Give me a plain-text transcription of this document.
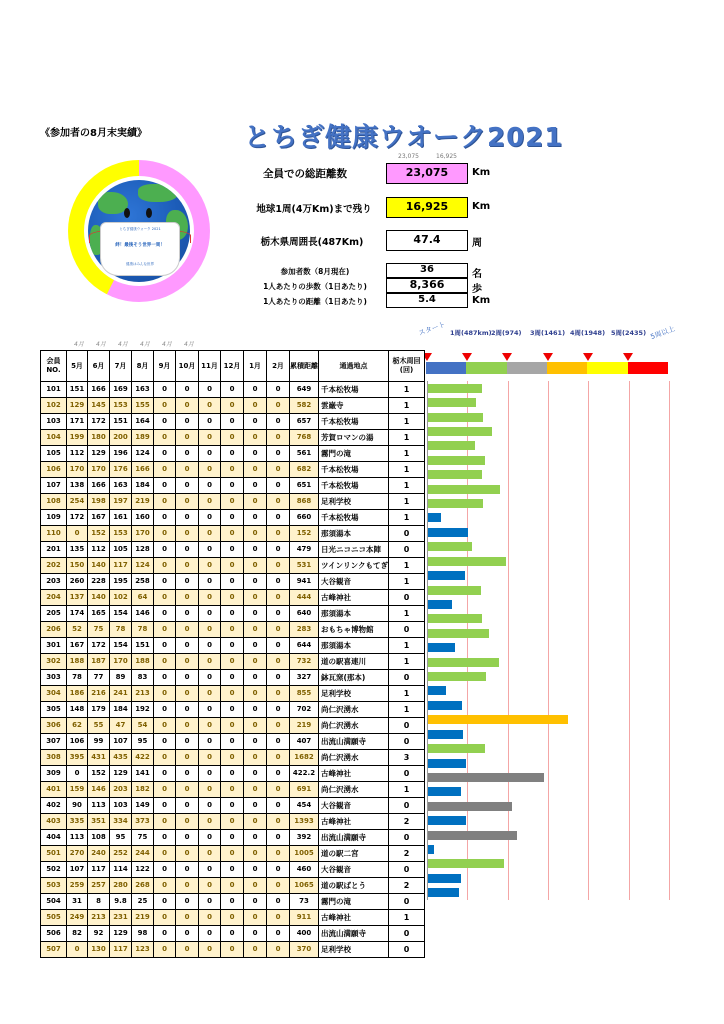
《参加者の8月末実績》	とちぎ健康ウオーク2021
23,075	16,925
とちぎ健康ウォーク 2021
絆！最後そう世界一周！
健康はみんな世界
全員での総距離数	23,075	Km
地球1周(4万Km)まで残り	16,925	Km
栃木県周囲長(487Km)	47.4	周
参加者数（8月現在)	36	名
1人あたりの歩数（1日あたり)	8,366	歩
1人あたりの距離（1日あたり)	5.4	Km
4月 4月 4月 4月 4月 4月
スタート 1周(487km) 2周(974) 3周(1461) 4周(1948) 5周(2435) 5周以上
会員NO.	5月	6月	7月	8月	9月	10月	11月	12月	1月	2月	累積距離	通過地点	栃木周回(回)
101	151	166	169	163	0	0	0	0	0	0	649	千本松牧場	1
102	129	145	153	155	0	0	0	0	0	0	582	雲巌寺	1
103	171	172	151	164	0	0	0	0	0	0	657	千本松牧場	1
104	199	180	200	189	0	0	0	0	0	0	768	芳賀ロマンの湯	1
105	112	129	196	124	0	0	0	0	0	0	561	霧門の滝	1
106	170	170	176	166	0	0	0	0	0	0	682	千本松牧場	1
107	138	166	163	184	0	0	0	0	0	0	651	千本松牧場	1
108	254	198	197	219	0	0	0	0	0	0	868	足利学校	1
109	172	167	161	160	0	0	0	0	0	0	660	千本松牧場	1
110	0	152	153	170	0	0	0	0	0	0	152	那須湯本	0
201	135	112	105	128	0	0	0	0	0	0	479	日光ニコニコ本陣	0
202	150	140	117	124	0	0	0	0	0	0	531	ツインリンクもてぎ	1
203	260	228	195	258	0	0	0	0	0	0	941	大谷観音	1
204	137	140	102	64	0	0	0	0	0	0	444	古峰神社	0
205	174	165	154	146	0	0	0	0	0	0	640	那須湯本	1
206	52	75	78	78	0	0	0	0	0	0	283	おもちゃ博物館	0
301	167	172	154	151	0	0	0	0	0	0	644	那須湯本	1
302	188	187	170	188	0	0	0	0	0	0	732	道の駅喜連川	1
303	78	77	89	83	0	0	0	0	0	0	327	鉢瓦窯(那本)	0
304	186	216	241	213	0	0	0	0	0	0	855	足利学校	1
305	148	179	184	192	0	0	0	0	0	0	702	尚仁沢湧水	1
306	62	55	47	54	0	0	0	0	0	0	219	尚仁沢湧水	0
307	106	99	107	95	0	0	0	0	0	0	407	出流山満願寺	0
308	395	431	435	422	0	0	0	0	0	0	1682	尚仁沢湧水	3
309	0	152	129	141	0	0	0	0	0	0	422.2	古峰神社	0
401	159	146	203	182	0	0	0	0	0	0	691	尚仁沢湧水	1
402	90	113	103	149	0	0	0	0	0	0	454	大谷観音	0
403	335	351	334	373	0	0	0	0	0	0	1393	古峰神社	2
404	113	108	95	75	0	0	0	0	0	0	392	出流山満願寺	0
501	270	240	252	244	0	0	0	0	0	0	1005	道の駅二宮	2
502	107	117	114	122	0	0	0	0	0	0	460	大谷観音	0
503	259	257	280	268	0	0	0	0	0	0	1065	道の駅ばとう	2
504	31	8	9.8	25	0	0	0	0	0	0	73	霧門の滝	0
505	249	213	231	219	0	0	0	0	0	0	911	古峰神社	1
506	82	92	129	98	0	0	0	0	0	0	400	出流山満願寺	0
507	0	130	117	123	0	0	0	0	0	0	370	足利学校	0
